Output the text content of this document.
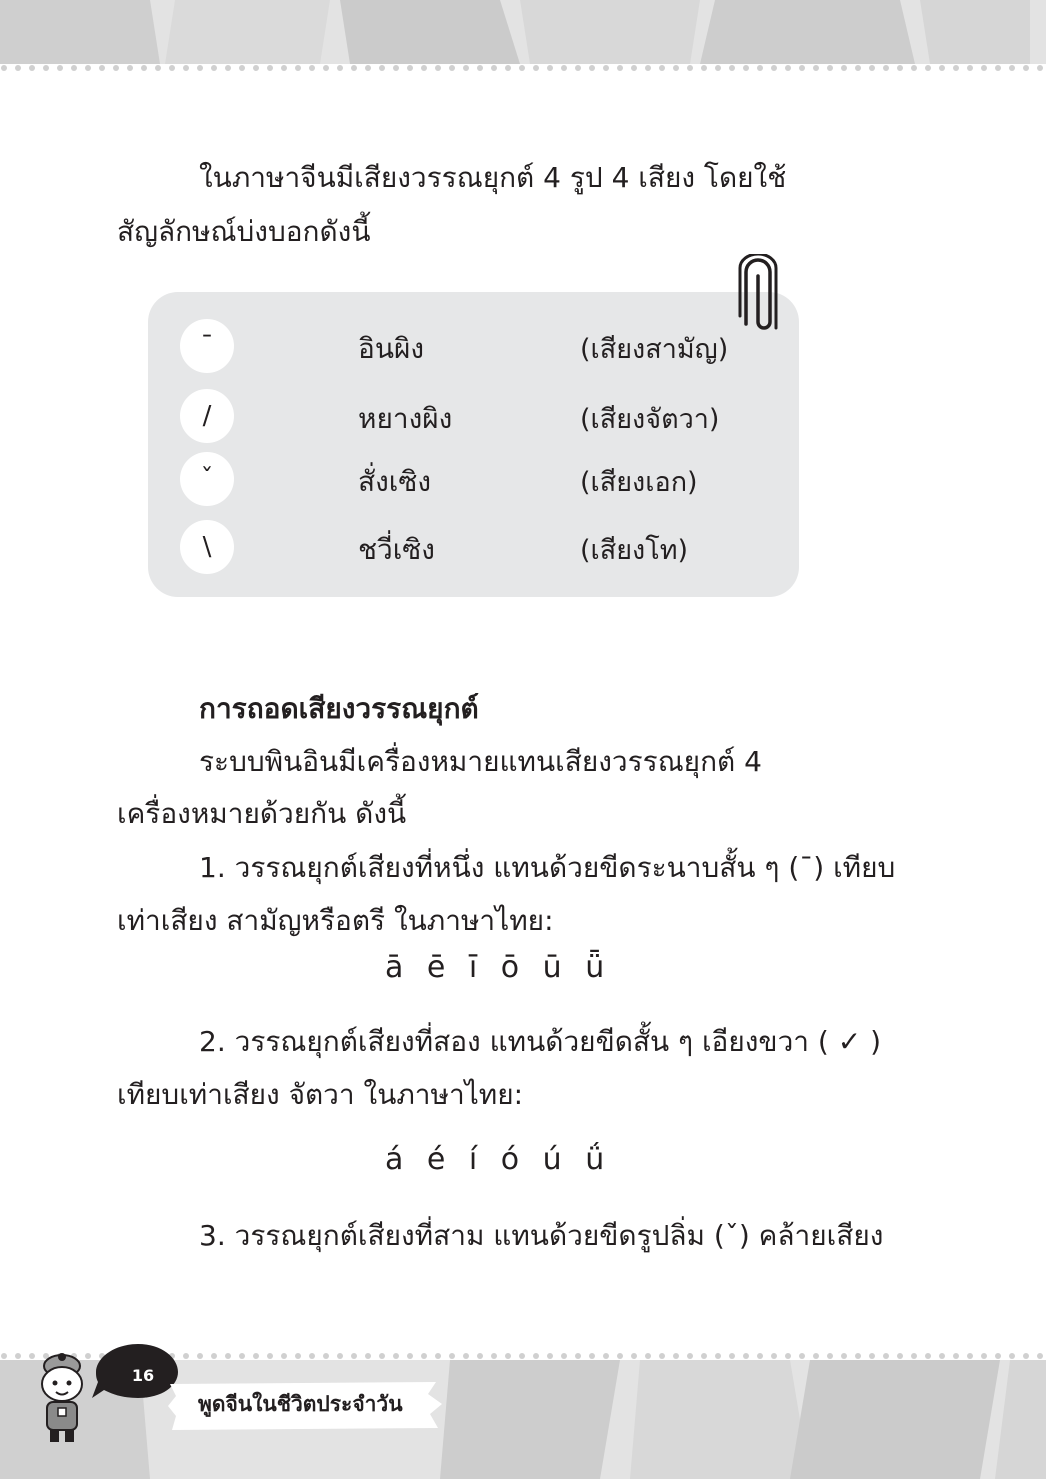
ในภาษาจีนมีเสียงวรรณยุกต์ 4 รูป 4 เสียง โดยใช้

สัญลักษณ์บ่งบอกดังนี้

ˉ	อินผิง	(เสียงสามัญ)
/	หยางผิง	(เสียงจัตวา)
ˇ	สั่งเซิง	(เสียงเอก)
\	ชวี่เซิง	(เสียงโท)

การถอดเสียงวรรณยุกต์

ระบบพินอินมีเครื่องหมายแทนเสียงวรรณยุกต์ 4

เครื่องหมายด้วยกัน ดังนี้

1. วรรณยุกต์เสียงที่หนึ่ง แทนด้วยขีดระนาบสั้น ๆ (ˉ) เทียบ

เท่าเสียง สามัญหรือตรี ในภาษาไทย:

ā ē ī ō ū ǖ

2. วรรณยุกต์เสียงที่สอง แทนด้วยขีดสั้น ๆ เอียงขวา ( ✓ )

เทียบเท่าเสียง จัตวา ในภาษาไทย:

á é í ó ú ǘ

3. วรรณยุกต์เสียงที่สาม แทนด้วยขีดรูปลิ่ม (ˇ) คล้ายเสียง

16
พูดจีนในชีวิตประจำวัน
